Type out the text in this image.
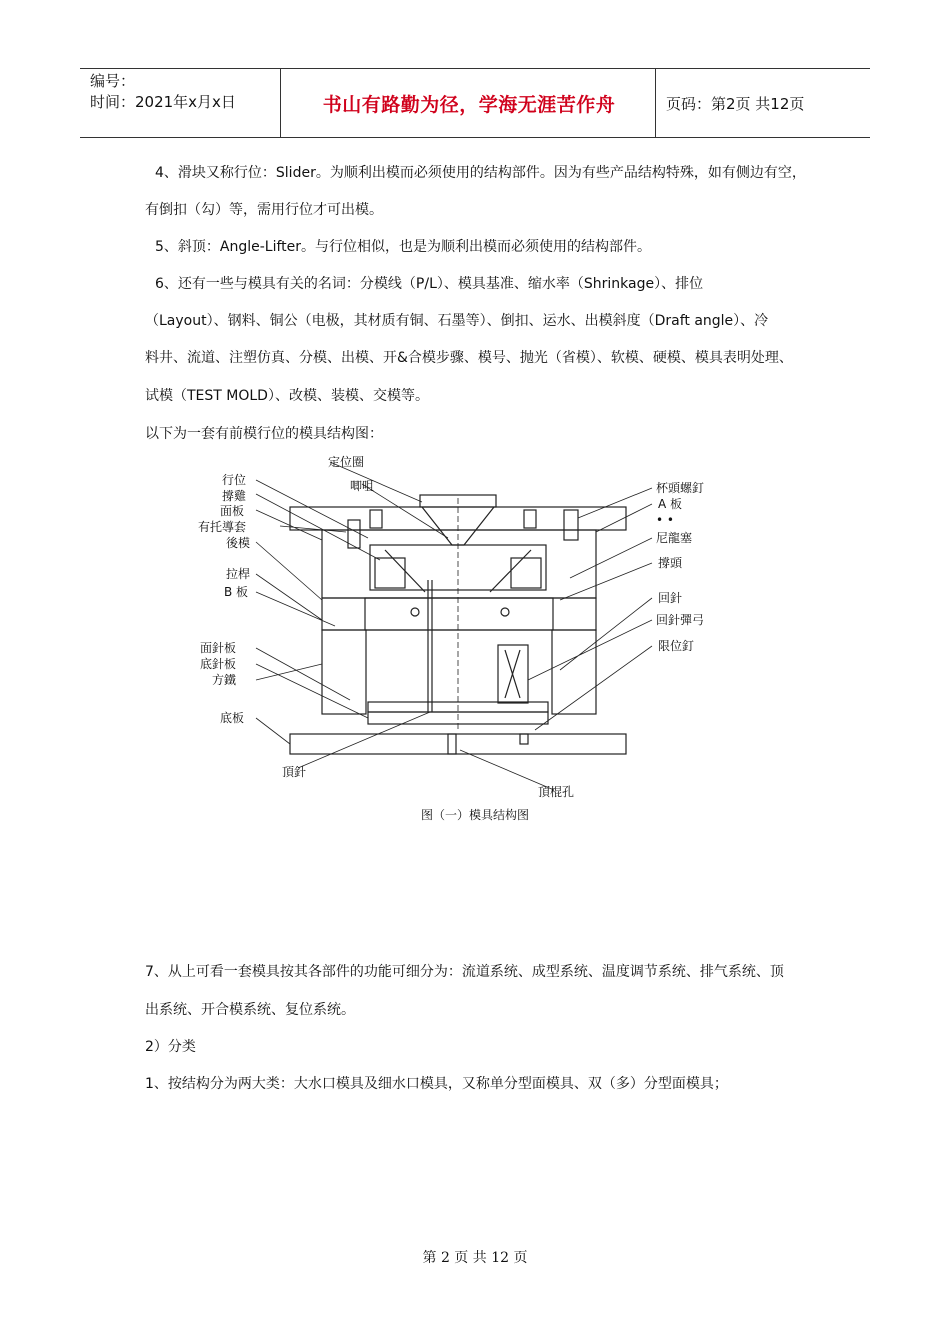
编号：
时间：2021年x月x日	书山有路勤为径，学海无涯苦作舟	页码：第2页 共12页
4、滑块又称行位：Slider。为顺利出模而必须使用的结构部件。因为有些产品结构特殊，如有侧边有空，
有倒扣（勾）等，需用行位才可出模。
5、斜顶：Angle-Lifter。与行位相似，也是为顺利出模而必须使用的结构部件。
6、还有一些与模具有关的名词：分模线（P/L）、模具基准、缩水率（Shrinkage）、排位
（Layout）、钢料、铜公（电极，其材质有铜、石墨等）、倒扣、运水、出模斜度（Draft angle）、冷
料井、流道、注塑仿真、分模、出模、开&合模步骤、模号、抛光（省模）、软模、硬模、模具表明处理、
试模（TEST MOLD）、改模、装模、交模等。
以下为一套有前模行位的模具结构图：
定位圈
唧咀
行位
撐雞
面板
有托導套
後模
拉桿
B 板
面針板
底針板
方鐵
底板
頂針
頂棍孔
杯頭螺釘
A 板
• •
尼龍塞
撐頭
回針
回針彈弓
限位釘
图（一）模具结构图
7、从上可看一套模具按其各部件的功能可细分为：流道系统、成型系统、温度调节系统、排气系统、顶
出系统、开合模系统、复位系统。
2）分类
1、按结构分为两大类：大水口模具及细水口模具，又称单分型面模具、双（多）分型面模具；
第 2 页 共 12 页
